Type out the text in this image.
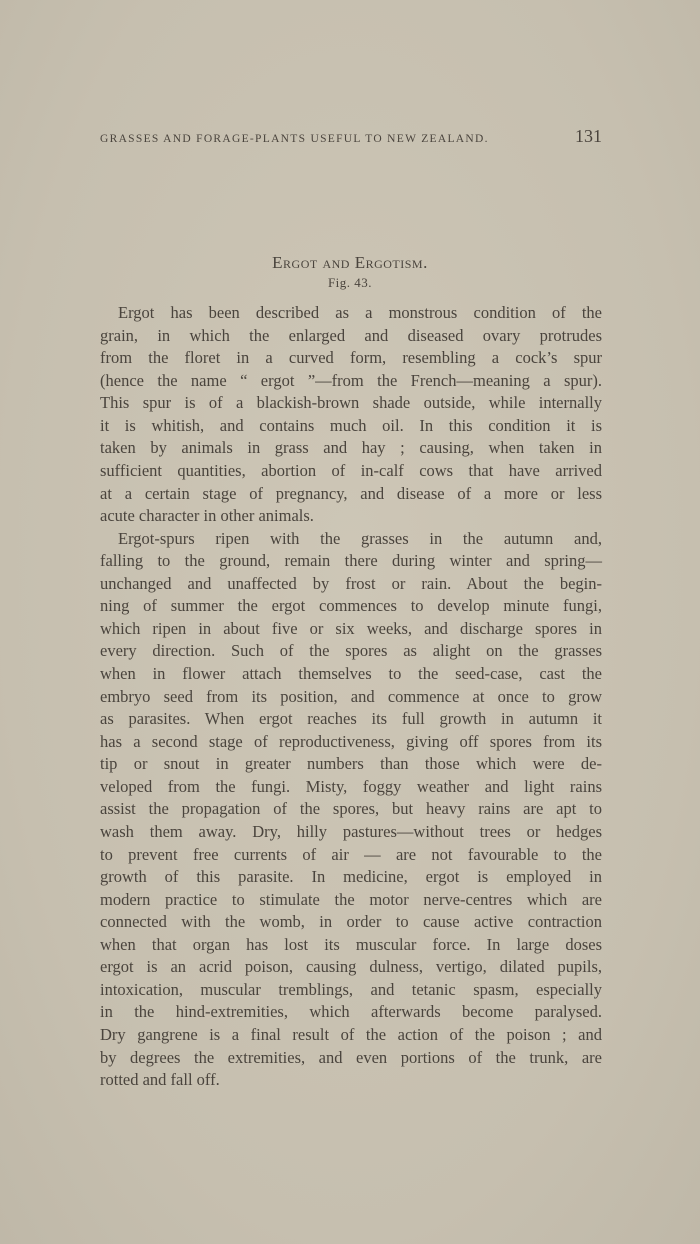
GRASSES AND FORAGE-PLANTS USEFUL TO NEW ZEALAND.	131
Ergot and Ergotism.
Fig. 43.
Ergot has been described as a monstrous condition of the
grain, in which the enlarged and diseased ovary protrudes
from the floret in a curved form, resembling a cock’s spur
(hence the name “ ergot ”—from the French—meaning a spur).
This spur is of a blackish-brown shade outside, while internally
it is whitish, and contains much oil. In this condition it is
taken by animals in grass and hay ; causing, when taken in
sufficient quantities, abortion of in-calf cows that have arrived
at a certain stage of pregnancy, and disease of a more or less
acute character in other animals.
Ergot-spurs ripen with the grasses in the autumn and,
falling to the ground, remain there during winter and spring—
unchanged and unaffected by frost or rain. About the begin-
ning of summer the ergot commences to develop minute fungi,
which ripen in about five or six weeks, and discharge spores in
every direction. Such of the spores as alight on the grasses
when in flower attach themselves to the seed-case, cast the
embryo seed from its position, and commence at once to grow
as parasites. When ergot reaches its full growth in autumn it
has a second stage of reproductiveness, giving off spores from its
tip or snout in greater numbers than those which were de-
veloped from the fungi. Misty, foggy weather and light rains
assist the propagation of the spores, but heavy rains are apt to
wash them away. Dry, hilly pastures—without trees or hedges
to prevent free currents of air — are not favourable to the
growth of this parasite. In medicine, ergot is employed in
modern practice to stimulate the motor nerve-centres which are
connected with the womb, in order to cause active contraction
when that organ has lost its muscular force. In large doses
ergot is an acrid poison, causing dulness, vertigo, dilated pupils,
intoxication, muscular tremblings, and tetanic spasm, especially
in the hind-extremities, which afterwards become paralysed.
Dry gangrene is a final result of the action of the poison ; and
by degrees the extremities, and even portions of the trunk, are
rotted and fall off.
